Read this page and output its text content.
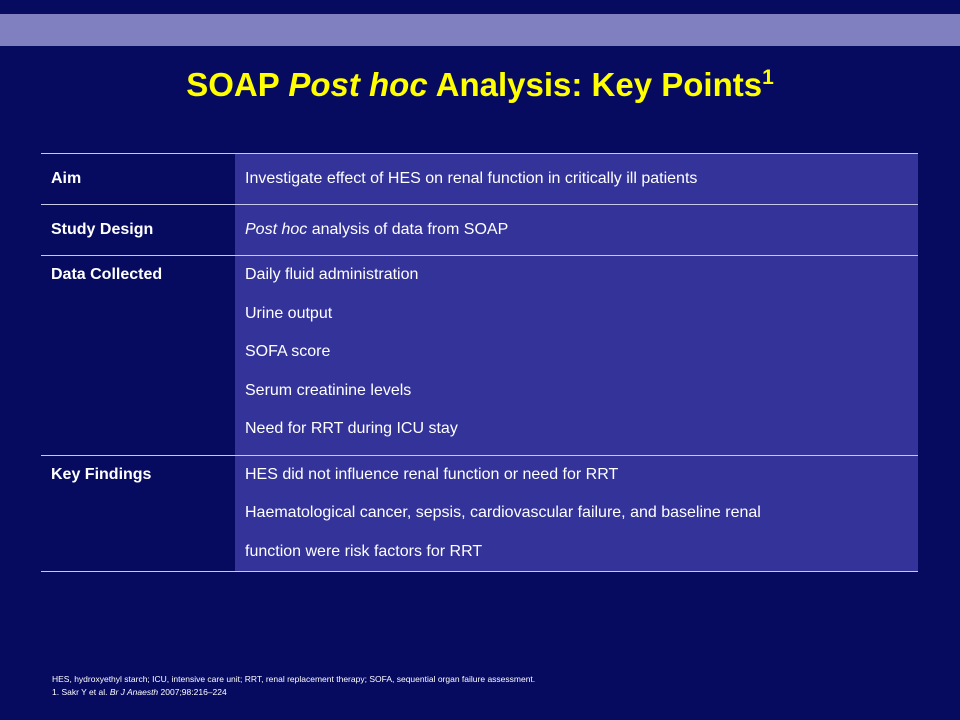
SOAP Post hoc Analysis: Key Points$^1$
Aim	Investigate effect of HES on renal function in critically ill patients

Study Design	Post hoc analysis of data from SOAP

Data Collected	Daily fluid administration
Urine output
SOFA score
Serum creatinine levels
Need for RRT during ICU stay

Key Findings	HES did not influence renal function or need for RRT
Haematological cancer, sepsis, cardiovascular failure, and baseline renal
function were risk factors for RRT
HES, hydroxyethyl starch; ICU, intensive care unit; RRT, renal replacement therapy; SOFA, sequential organ failure assessment.
1. Sakr Y et al. Br J Anaesth 2007;98:216–224
